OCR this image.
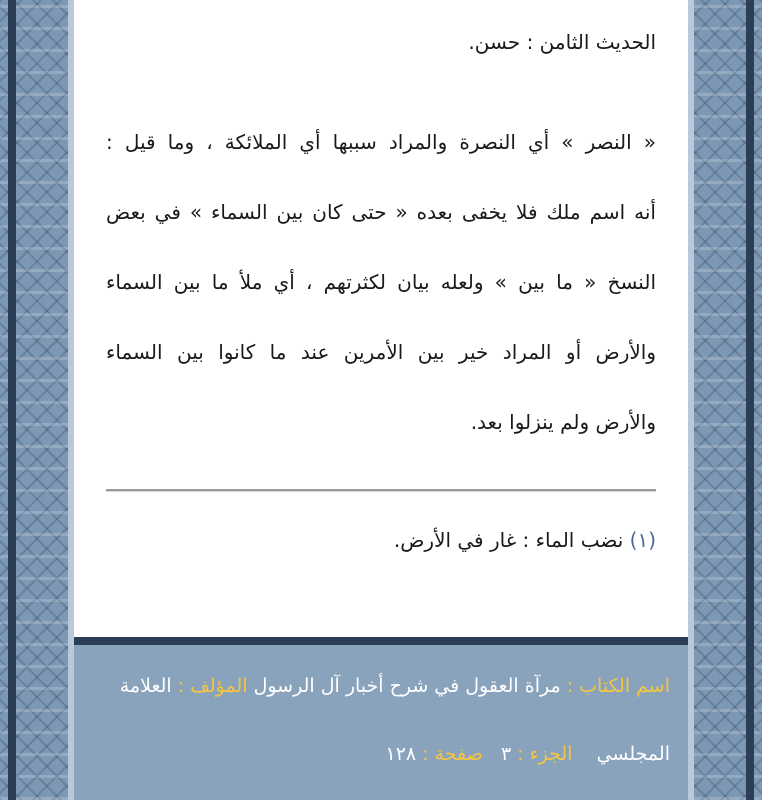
الحديث الثامن : حسن.

« النصر » أي النصرة والمراد سببها أي الملائكة ، وما قيل :

أنه اسم ملك فلا يخفى بعده « حتى كان بين السماء » في بعض

النسخ « ما بين » ولعله بيان لكثرتهم ، أي ملأ ما بين السماء

والأرض أو المراد خير بين الأمرين عند ما كانوا بين السماء

والأرض ولم ينزلوا بعد.

(١) نضب الماء : غار في الأرض.

اسم الكتاب : مرآة العقول في شرح أخبار آل الرسول المؤلف : العلامة
المجلسي    الجزء : ٣   صفحة : ١٢٨
